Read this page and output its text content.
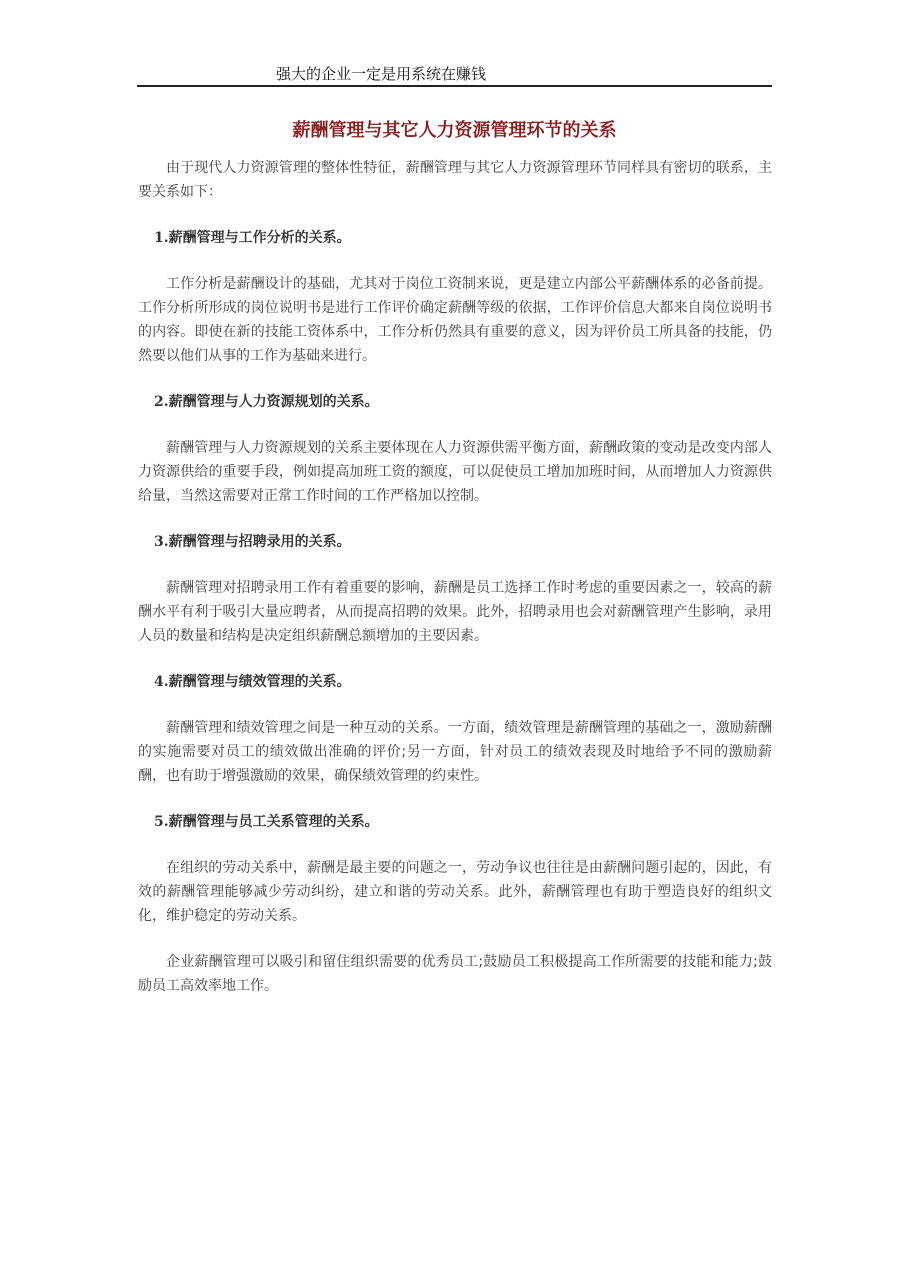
强大的企业一定是用系统在赚钱
薪酬管理与其它人力资源管理环节的关系

由于现代人力资源管理的整体性特征，薪酬管理与其它人力资源管理环节同样具有密切的联系，主要关系如下：

1.薪酬管理与工作分析的关系。

工作分析是薪酬设计的基础，尤其对于岗位工资制来说，更是建立内部公平薪酬体系的必备前提。工作分析所形成的岗位说明书是进行工作评价确定薪酬等级的依据，工作评价信息大都来自岗位说明书的内容。即使在新的技能工资体系中，工作分析仍然具有重要的意义，因为评价员工所具备的技能，仍然要以他们从事的工作为基础来进行。

2.薪酬管理与人力资源规划的关系。

薪酬管理与人力资源规划的关系主要体现在人力资源供需平衡方面，薪酬政策的变动是改变内部人力资源供给的重要手段，例如提高加班工资的额度，可以促使员工增加加班时间，从而增加人力资源供给量，当然这需要对正常工作时间的工作严格加以控制。

3.薪酬管理与招聘录用的关系。

薪酬管理对招聘录用工作有着重要的影响，薪酬是员工选择工作时考虑的重要因素之一，较高的薪酬水平有利于吸引大量应聘者，从而提高招聘的效果。此外，招聘录用也会对薪酬管理产生影响，录用人员的数量和结构是决定组织薪酬总额增加的主要因素。

4.薪酬管理与绩效管理的关系。

薪酬管理和绩效管理之间是一种互动的关系。一方面，绩效管理是薪酬管理的基础之一，激励薪酬的实施需要对员工的绩效做出准确的评价;另一方面，针对员工的绩效表现及时地给予不同的激励薪酬，也有助于增强激励的效果，确保绩效管理的约束性。

5.薪酬管理与员工关系管理的关系。

在组织的劳动关系中，薪酬是最主要的问题之一，劳动争议也往往是由薪酬问题引起的，因此，有效的薪酬管理能够减少劳动纠纷，建立和谐的劳动关系。此外，薪酬管理也有助于塑造良好的组织文化，维护稳定的劳动关系。

企业薪酬管理可以吸引和留住组织需要的优秀员工;鼓励员工积极提高工作所需要的技能和能力;鼓励员工高效率地工作。
